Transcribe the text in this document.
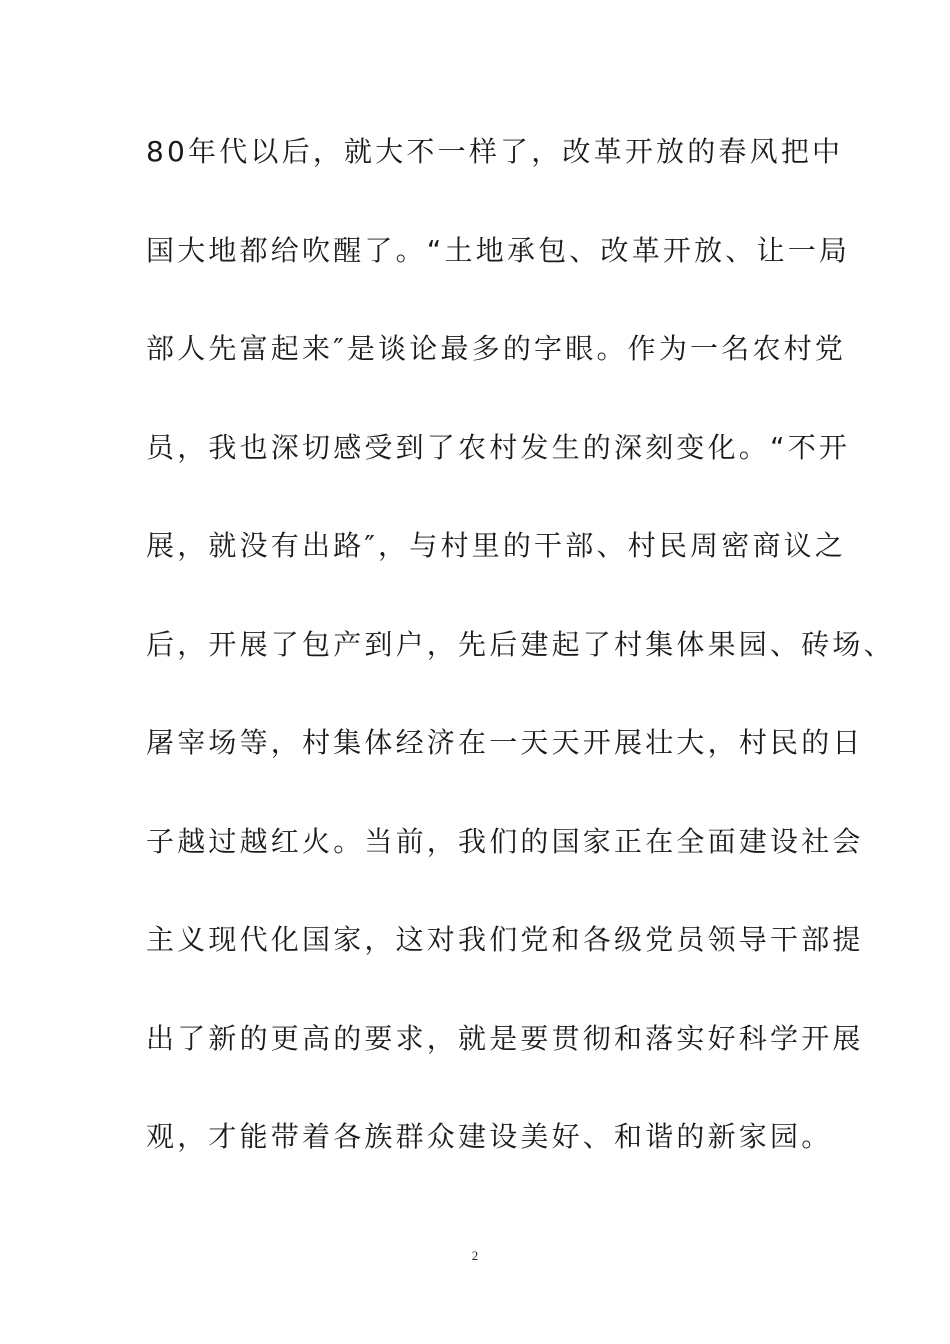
80年代以后，就大不一样了，改革开放的春风把中
国大地都给吹醒了。“土地承包、改革开放、让一局
部人先富起来″是谈论最多的字眼。作为一名农村党
员，我也深切感受到了农村发生的深刻变化。“不开
展，就没有出路″，与村里的干部、村民周密商议之
后，开展了包产到户，先后建起了村集体果园、砖场、
屠宰场等，村集体经济在一天天开展壮大，村民的日
子越过越红火。当前，我们的国家正在全面建设社会
主义现代化国家，这对我们党和各级党员领导干部提
出了新的更高的要求，就是要贯彻和落实好科学开展
观，才能带着各族群众建设美好、和谐的新家园。
2
